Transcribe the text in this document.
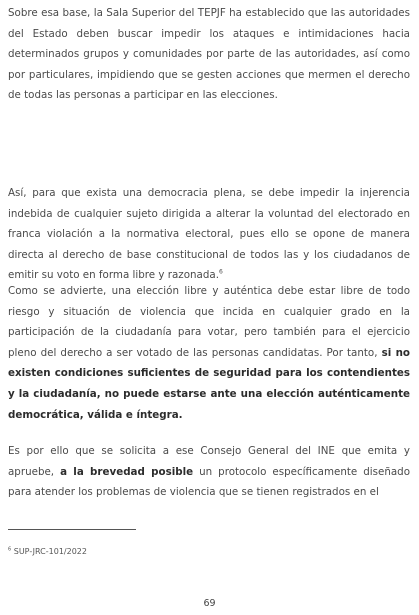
Sobre esa base, la Sala Superior del TEPJF ha establecido que las autoridades del Estado deben buscar impedir los ataques e intimidaciones hacia determinados grupos y comunidades por parte de las autoridades, así como por particulares, impidiendo que se gesten acciones que mermen el derecho de todas las personas a participar en las elecciones.

Así, para que exista una democracia plena, se debe impedir la injerencia indebida de cualquier sujeto dirigida a alterar la voluntad del electorado en franca violación a la normativa electoral, pues ello se opone de manera directa al derecho de base constitucional de todos las y los ciudadanos de emitir su voto en forma libre y razonada.$^6$

Como se advierte, una elección libre y auténtica debe estar libre de todo riesgo y situación de violencia que incida en cualquier grado en la participación de la ciudadanía para votar, pero también para el ejercicio pleno del derecho a ser votado de las personas candidatas. Por tanto, si no existen condiciones suficientes de seguridad para los contendientes y la ciudadanía, no puede estarse ante una elección auténticamente democrática, válida e íntegra.

Es por ello que se solicita a ese Consejo General del INE que emita y apruebe, a la brevedad posible un protocolo específicamente diseñado para atender los problemas de violencia que se tienen registrados en el

$^6$ SUP-JRC-101/2022
69
